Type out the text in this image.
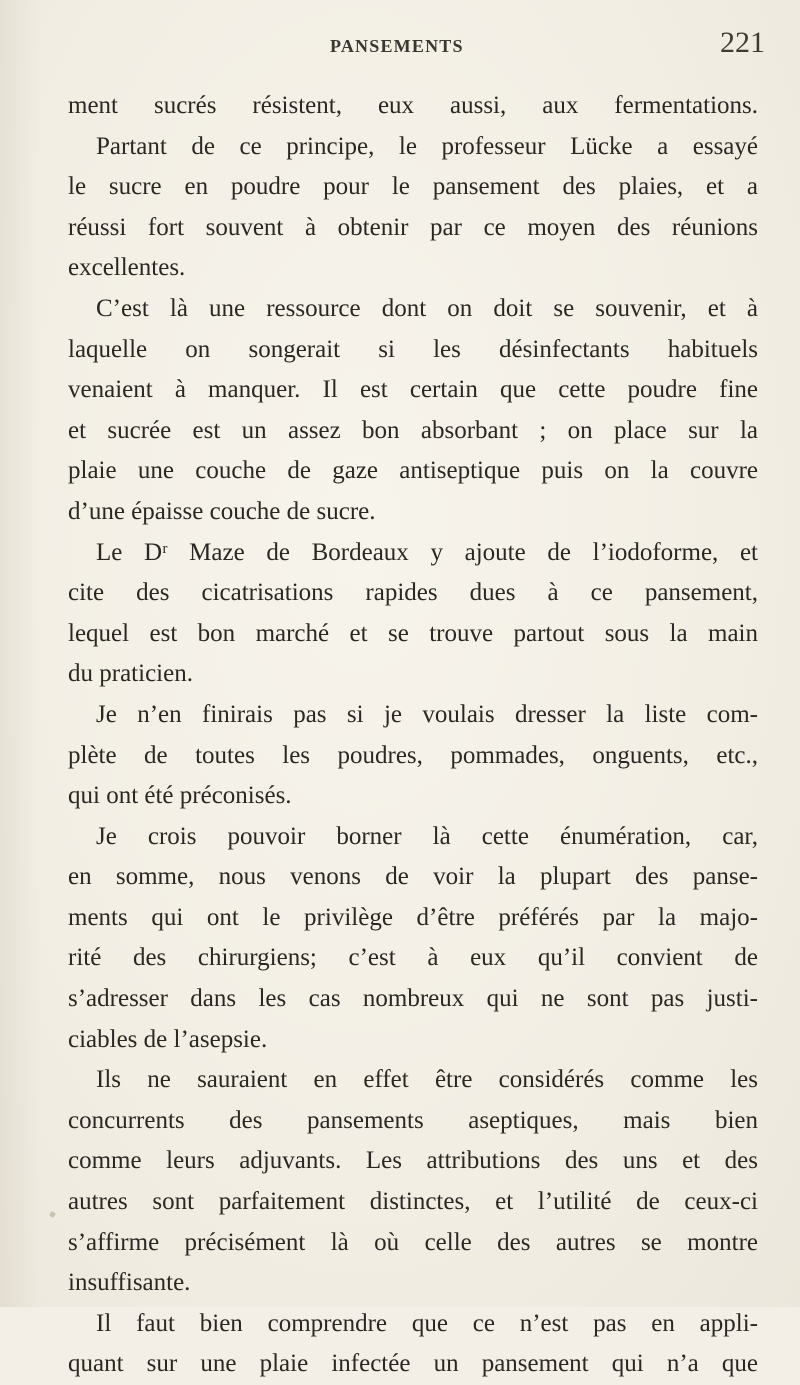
PANSEMENTS	221
ment sucrés résistent, eux aussi, aux fermentations.
Partant de ce principe, le professeur Lücke a essayé
le sucre en poudre pour le pansement des plaies, et a
réussi fort souvent à obtenir par ce moyen des réunions
excellentes.
C’est là une ressource dont on doit se souvenir, et à
laquelle on songerait si les désinfectants habituels
venaient à manquer. Il est certain que cette poudre fine
et sucrée est un assez bon absorbant ; on place sur la
plaie une couche de gaze antiseptique puis on la couvre
d’une épaisse couche de sucre.
Le Dʳ Maze de Bordeaux y ajoute de l’iodoforme, et
cite des cicatrisations rapides dues à ce pansement,
lequel est bon marché et se trouve partout sous la main
du praticien.
Je n’en finirais pas si je voulais dresser la liste com-
plète de toutes les poudres, pommades, onguents, etc.,
qui ont été préconisés.
Je crois pouvoir borner là cette énumération, car,
en somme, nous venons de voir la plupart des panse-
ments qui ont le privilège d’être préférés par la majo-
rité des chirurgiens; c’est à eux qu’il convient de
s’adresser dans les cas nombreux qui ne sont pas justi-
ciables de l’asepsie.
Ils ne sauraient en effet être considérés comme les
concurrents des pansements aseptiques, mais bien
comme leurs adjuvants. Les attributions des uns et des
autres sont parfaitement distinctes, et l’utilité de ceux-ci
s’affirme précisément là où celle des autres se montre
insuffisante.
Il faut bien comprendre que ce n’est pas en appli-
quant sur une plaie infectée un pansement qui n’a que
